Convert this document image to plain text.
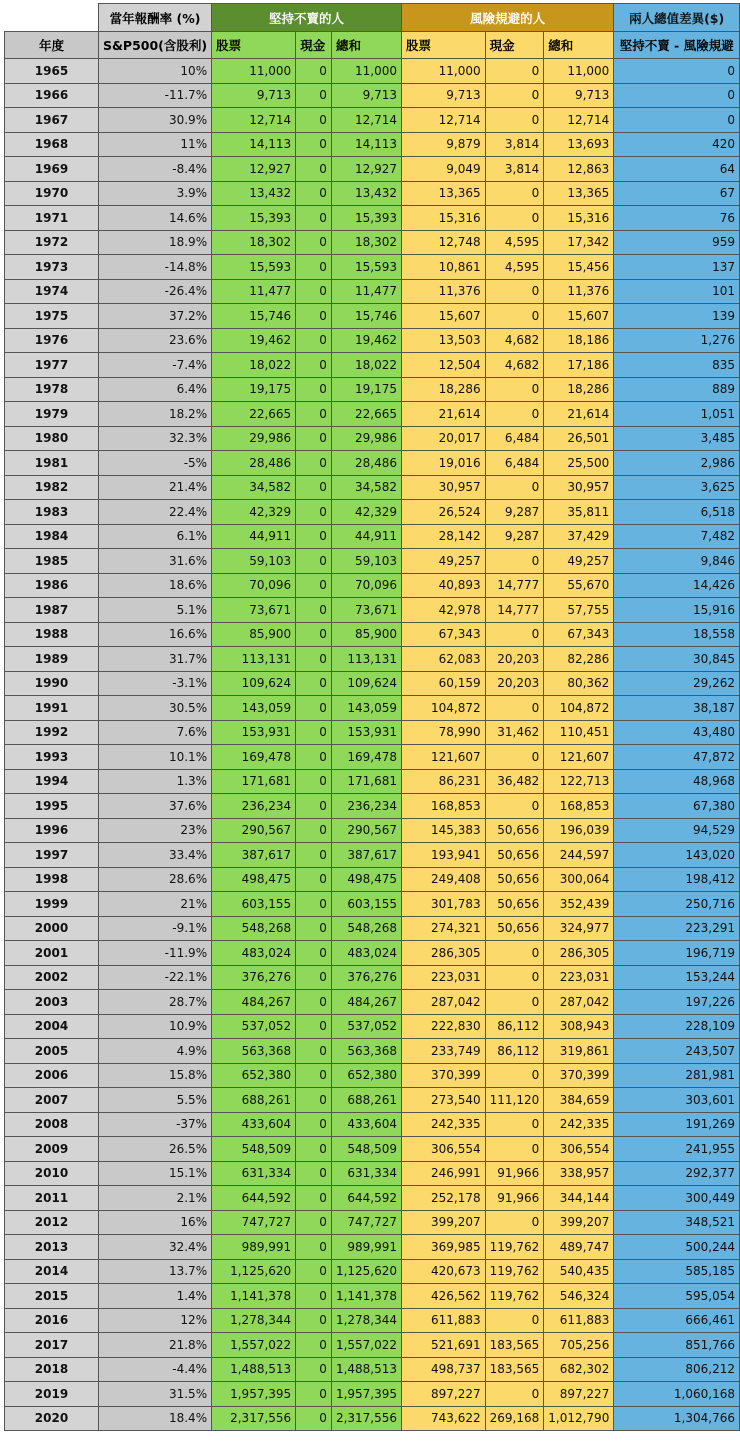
	當年報酬率 (%)	堅持不賣的人			風險規避的人			兩人總值差異($)
年度	S&P500(含股利)	股票	現金	總和	股票	現金	總和	堅持不賣 - 風險規避
1965	10%	11,000	0	11,000	11,000	0	11,000	0
1966	-11.7%	9,713	0	9,713	9,713	0	9,713	0
1967	30.9%	12,714	0	12,714	12,714	0	12,714	0
1968	11%	14,113	0	14,113	9,879	3,814	13,693	420
1969	-8.4%	12,927	0	12,927	9,049	3,814	12,863	64
1970	3.9%	13,432	0	13,432	13,365	0	13,365	67
1971	14.6%	15,393	0	15,393	15,316	0	15,316	76
1972	18.9%	18,302	0	18,302	12,748	4,595	17,342	959
1973	-14.8%	15,593	0	15,593	10,861	4,595	15,456	137
1974	-26.4%	11,477	0	11,477	11,376	0	11,376	101
1975	37.2%	15,746	0	15,746	15,607	0	15,607	139
1976	23.6%	19,462	0	19,462	13,503	4,682	18,186	1,276
1977	-7.4%	18,022	0	18,022	12,504	4,682	17,186	835
1978	6.4%	19,175	0	19,175	18,286	0	18,286	889
1979	18.2%	22,665	0	22,665	21,614	0	21,614	1,051
1980	32.3%	29,986	0	29,986	20,017	6,484	26,501	3,485
1981	-5%	28,486	0	28,486	19,016	6,484	25,500	2,986
1982	21.4%	34,582	0	34,582	30,957	0	30,957	3,625
1983	22.4%	42,329	0	42,329	26,524	9,287	35,811	6,518
1984	6.1%	44,911	0	44,911	28,142	9,287	37,429	7,482
1985	31.6%	59,103	0	59,103	49,257	0	49,257	9,846
1986	18.6%	70,096	0	70,096	40,893	14,777	55,670	14,426
1987	5.1%	73,671	0	73,671	42,978	14,777	57,755	15,916
1988	16.6%	85,900	0	85,900	67,343	0	67,343	18,558
1989	31.7%	113,131	0	113,131	62,083	20,203	82,286	30,845
1990	-3.1%	109,624	0	109,624	60,159	20,203	80,362	29,262
1991	30.5%	143,059	0	143,059	104,872	0	104,872	38,187
1992	7.6%	153,931	0	153,931	78,990	31,462	110,451	43,480
1993	10.1%	169,478	0	169,478	121,607	0	121,607	47,872
1994	1.3%	171,681	0	171,681	86,231	36,482	122,713	48,968
1995	37.6%	236,234	0	236,234	168,853	0	168,853	67,380
1996	23%	290,567	0	290,567	145,383	50,656	196,039	94,529
1997	33.4%	387,617	0	387,617	193,941	50,656	244,597	143,020
1998	28.6%	498,475	0	498,475	249,408	50,656	300,064	198,412
1999	21%	603,155	0	603,155	301,783	50,656	352,439	250,716
2000	-9.1%	548,268	0	548,268	274,321	50,656	324,977	223,291
2001	-11.9%	483,024	0	483,024	286,305	0	286,305	196,719
2002	-22.1%	376,276	0	376,276	223,031	0	223,031	153,244
2003	28.7%	484,267	0	484,267	287,042	0	287,042	197,226
2004	10.9%	537,052	0	537,052	222,830	86,112	308,943	228,109
2005	4.9%	563,368	0	563,368	233,749	86,112	319,861	243,507
2006	15.8%	652,380	0	652,380	370,399	0	370,399	281,981
2007	5.5%	688,261	0	688,261	273,540	111,120	384,659	303,601
2008	-37%	433,604	0	433,604	242,335	0	242,335	191,269
2009	26.5%	548,509	0	548,509	306,554	0	306,554	241,955
2010	15.1%	631,334	0	631,334	246,991	91,966	338,957	292,377
2011	2.1%	644,592	0	644,592	252,178	91,966	344,144	300,449
2012	16%	747,727	0	747,727	399,207	0	399,207	348,521
2013	32.4%	989,991	0	989,991	369,985	119,762	489,747	500,244
2014	13.7%	1,125,620	0	1,125,620	420,673	119,762	540,435	585,185
2015	1.4%	1,141,378	0	1,141,378	426,562	119,762	546,324	595,054
2016	12%	1,278,344	0	1,278,344	611,883	0	611,883	666,461
2017	21.8%	1,557,022	0	1,557,022	521,691	183,565	705,256	851,766
2018	-4.4%	1,488,513	0	1,488,513	498,737	183,565	682,302	806,212
2019	31.5%	1,957,395	0	1,957,395	897,227	0	897,227	1,060,168
2020	18.4%	2,317,556	0	2,317,556	743,622	269,168	1,012,790	1,304,766
